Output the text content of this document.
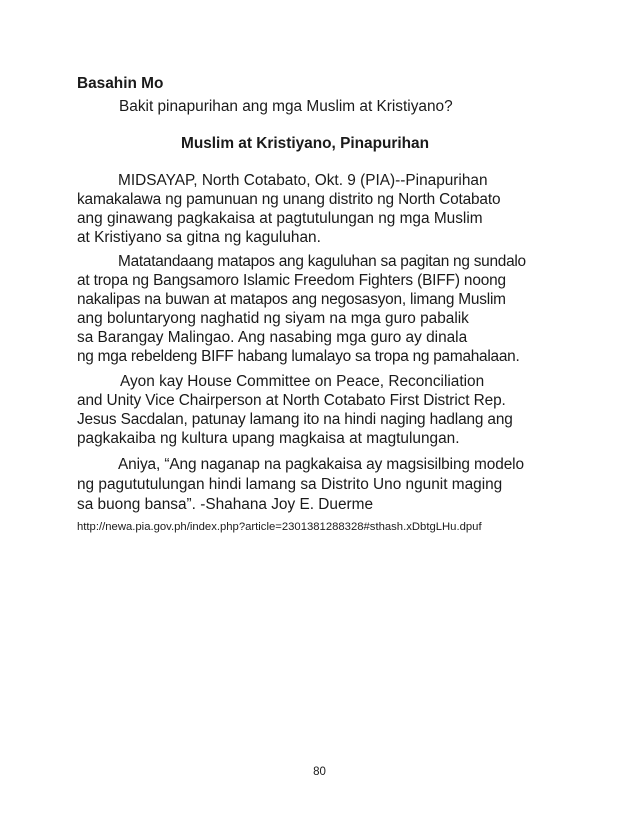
Basahin Mo
Bakit pinapurihan ang mga Muslim at Kristiyano?
Muslim at Kristiyano, Pinapurihan
MIDSAYAP, North Cotabato, Okt. 9 (PIA)--Pinapurihan
kamakalawa ng pamunuan ng unang distrito ng North Cotabato
ang ginawang pagkakaisa at pagtutulungan ng mga Muslim
at Kristiyano sa gitna ng kaguluhan.
Matatandaang matapos ang kaguluhan sa pagitan ng sundalo
at tropa ng Bangsamoro Islamic Freedom Fighters (BIFF) noong
nakalipas na buwan at matapos ang negosasyon, limang Muslim
ang boluntaryong naghatid ng siyam na mga guro pabalik
sa Barangay Malingao. Ang nasabing mga guro ay dinala
ng mga rebeldeng BIFF habang lumalayo sa tropa ng pamahalaan.
Ayon kay House Committee on Peace, Reconciliation
and Unity Vice Chairperson at North Cotabato First District Rep.
Jesus Sacdalan, patunay lamang ito na hindi naging hadlang ang
pagkakaiba ng kultura upang magkaisa at magtulungan.
Aniya, “Ang naganap na pagkakaisa ay magsisilbing modelo
ng pagututulungan hindi lamang sa Distrito Uno ngunit maging
sa buong bansa”. -Shahana Joy E. Duerme
http://newa.pia.gov.ph/index.php?article=2301381288328#sthash.xDbtgLHu.dpuf
80
